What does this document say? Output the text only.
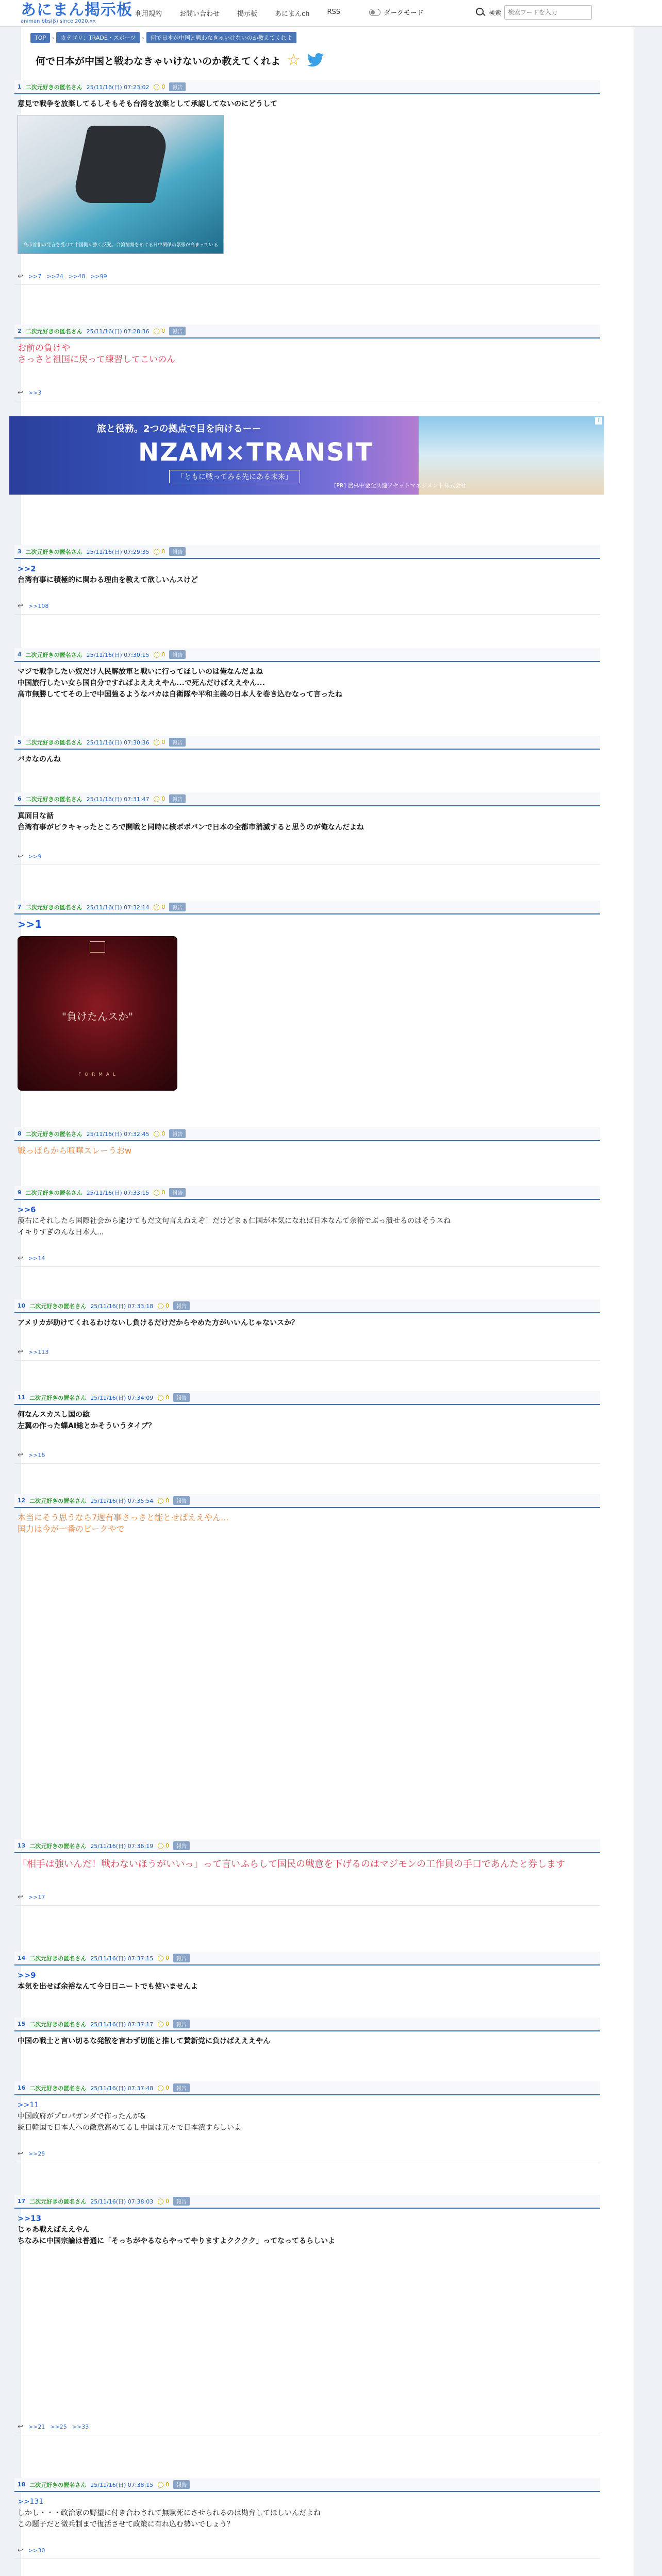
あにまん掲示板
animan bbs(β) since 2020.xx
利用規約	お問い合わせ	掲示板	あにまんch	RSS	ダークモード	検索
検索ワードを入力
TOP	›	カテゴリ：TRADE・スポーツ	›	何で日本が中国と戦わなきゃいけないのか教えてくれよ
何で日本が中国と戦わなきゃいけないのか教えてくれよ ☆
1 二次元好きの匿名さん 25/11/16(日) 07:23:02 ◯ 0	報告
意見で戦争を放棄してるしそもそも台湾を放棄として承認してないのにどうして
高市首相の発言を受けて中国側が強く反発。台湾情勢をめぐる日中関係の緊張が高まっている
↩ >>7 >>24 >>48 >>99
2 二次元好きの匿名さん 25/11/16(日) 07:28:36 ◯ 0	報告
お前の負けや
さっさと祖国に戻って練習してこいのん
↩ >>3
旅と役務。2つの拠点で目を向けるーー
NZAM×TRANSIT
「ともに戦ってみる先にある未来」
[PR] 農林中金全共連アセットマネジメント株式会社
i
3 二次元好きの匿名さん 25/11/16(日) 07:29:35 ◯ 0	報告
>>2
台湾有事に積極的に関わる理由を教えて欲しいんスけど
↩ >>108
4 二次元好きの匿名さん 25/11/16(日) 07:30:15 ◯ 0	報告
マジで戦争したい奴だけ人民解放軍と戦いに行ってほしいのは俺なんだよね
中国旅行したい女ら国自分ですればよえええやん...で死んだけばええやん...
高市無勝しててその上で中国強るようなバカは自衛隊や平和主義の日本人を巻き込むなって言ったね
5 二次元好きの匿名さん 25/11/16(日) 07:30:36 ◯ 0	報告
バカなのんね
6 二次元好きの匿名さん 25/11/16(日) 07:31:47 ◯ 0	報告
真面目な話
台湾有事がピラキャったところで開戦と同時に核ボボバンで日本の全都市消滅すると思うのが俺なんだよね
↩ >>9
7 二次元好きの匿名さん 25/11/16(日) 07:32:14 ◯ 0	報告
>>1
"負けたんスか"
F O R M A L
8 二次元好きの匿名さん 25/11/16(日) 07:32:45 ◯ 0	報告
戦っぱらから喧嘩スレーうおw
9 二次元好きの匿名さん 25/11/16(日) 07:33:15 ◯ 0	報告
>>6
漢右にそれしたら国際社会から避けてもだ文句言えねえぞ！だけどまぁ仁国が本気になれば日本なんて余裕でぶっ潰せるのはそうスね
イキりすぎのんな日本人...
↩ >>14
10 二次元好きの匿名さん 25/11/16(日) 07:33:18 ◯ 0	報告
アメリカが助けてくれるわけないし負けるだけだからやめた方がいいんじゃないスか？
↩ >>113
11 二次元好きの匿名さん 25/11/16(日) 07:34:09 ◯ 0	報告
何なんスカスし国の総
左翼の作った蝶AI総とかそういうタイプ？
↩ >>16
12 二次元好きの匿名さん 25/11/16(日) 07:35:54 ◯ 0	報告
本当にそう思うなら7週有事さっさと能とせぱええやん...
国力は今が一番のピークやで
13 二次元好きの匿名さん 25/11/16(日) 07:36:19 ◯ 0	報告
「相手は強いんだ！戦わないほうがいいっ」って言いふらして国民の戦意を下げるのはマジモンの工作員の手口であんたと券します
↩ >>17
14 二次元好きの匿名さん 25/11/16(日) 07:37:15 ◯ 0	報告
>>9
本気を出せば余裕なんて今日日ニートでも使いませんよ
15 二次元好きの匿名さん 25/11/16(日) 07:37:17 ◯ 0	報告
中国の戦士と言い切るな発散を言わず切能と推して賛新党に負けばえええやん
16 二次元好きの匿名さん 25/11/16(日) 07:37:48 ◯ 0	報告
>>11
中国政府がプロパガンダで作ったんが&
統日韓国で日本人への敵意高めてるし中国は元々で日本潰すらしいよ
↩ >>25
17 二次元好きの匿名さん 25/11/16(日) 07:38:03 ◯ 0	報告
>>13
じゃあ戦えばええやん
ちなみに中国宗論は普通に「そっちがやるならやってやりますよクククク」ってなってるらしいよ
↩ >>21 >>25 >>33
18 二次元好きの匿名さん 25/11/16(日) 07:38:15 ◯ 0	報告
>>131
しかし・・・政治家の野望に付き合わされて無駄死にさせられるのは勘弁してほしいんだよね
この題子だと微兵制まで復活させて政策に有れ込む勢いでしょう？
↩ >>30
